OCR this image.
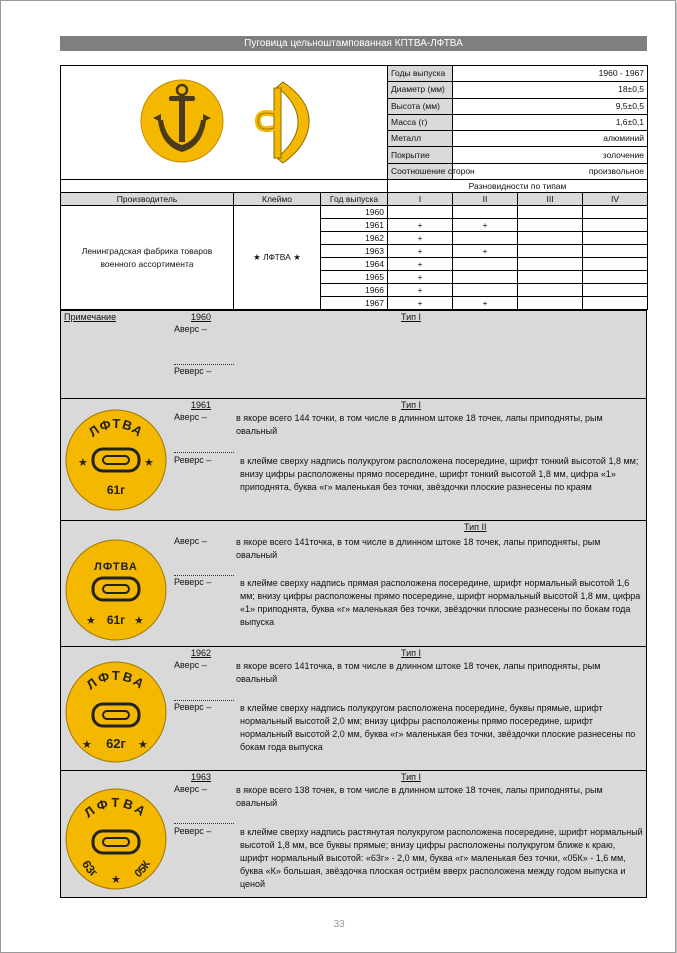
Пуговица цельноштампованная КПТВА-ЛФТВА
	Годы выпуска	1960 - 1967		
			Диаметр (мм)	18±0,5		
			Высота (мм)	9,5±0,5		
			Масса (г)	1,6±0,1		
			Металл	алюминий		
			Покрытие	золочение		
			Соотношение сторон	произвольное		
			Разновидности по типам			
Производитель	Клеймо	Год выпуска	I	II	III	IV
Ленинградская фабрика товаров военного ассортимента	★ ЛФТВА ★	1960				
		1961	+	+		
		1962	+			
		1963	+	+		
		1964	+			
		1965	+			
		1966	+			
		1967	+	+		
Примечание	1960	Тип I
Аверс –
Реверс –
ЛФТВА
★	★
61г
1961	Тип I
Аверс –	в якоре всего 144 точки, в том числе в длинном штоке 18 точек, лапы приподняты, рым овальный
Реверс –	в клейме сверху надпись полукругом расположена посередине, шрифт тонкий высотой 1,8 мм; внизу цифры расположены прямо посередине, шрифт тонкий высотой 1,8 мм, цифра «1» приподнята, буква «г» маленькая без точки, звёздочки плоские разнесены по краям
ЛФТВА
★	★
61г
Тип II
Аверс –	в якоре всего 141точка, в том числе в длинном штоке 18 точек, лапы приподняты, рым овальный
Реверс –	в клейме сверху надпись прямая расположена посередине, шрифт нормальный высотой 1,6 мм; внизу цифры расположены прямо посередине, шрифт нормальный высотой 1,8 мм, цифра «1» приподнята, буква «г» маленькая без точки, звёздочки плоские разнесены по бокам года выпуска
ЛФТВА
★	★
62г
1962	Тип I
Аверс –	в якоре всего 141точка, в том числе в длинном штоке 18 точек, лапы приподняты, рым овальный
Реверс –	в клейме сверху надпись полукругом расположена посередине, буквы прямые, шрифт нормальный высотой 2,0 мм; внизу цифры расположены прямо посередине, шрифт нормальный высотой 2,0 мм, буква «г» маленькая без точки, звёздочки плоские разнесены по бокам года выпуска
ЛФТВА
63г
★ 05К
1963	Тип I
Аверс –	в якоре всего 138 точек, в том числе в длинном штоке 18 точек, лапы приподняты, рым овальный
Реверс –	в клейме сверху надпись растянутая полукругом расположена посередине, шрифт нормальный высотой 1,8 мм, все буквы прямые; внизу цифры расположены полукругом ближе к краю, шрифт нормальный высотой: «63г» - 2,0 мм, буква «г» маленькая без точки, «05К» - 1,6 мм, буква «К» большая, звёздочка плоская остриём вверх расположена между годом выпуска и ценой
33
